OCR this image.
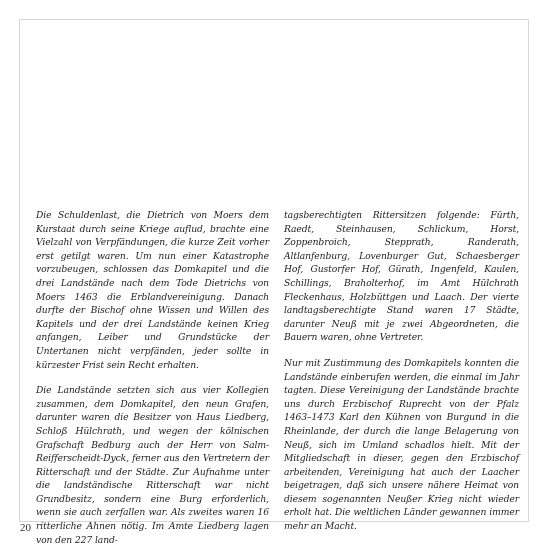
Die Schuldenlast, die Dietrich von Moers dem Kurstaat durch seine Kriege auflud, brachte eine Vielzahl von Verpfändungen, die kurze Zeit vorher erst getilgt waren. Um nun einer Katastrophe vorzubeugen, schlossen das Domkapitel und die drei Landstände nach dem Tode Dietrichs von Moers 1463 die Erblandvereinigung. Danach durfte der Bischof ohne Wissen und Willen des Kapitels und der drei Landstände keinen Krieg anfangen, Leiber und Grundstücke der Untertanen nicht verpfänden, jeder sollte in kürzester Frist sein Recht erhalten.

Die Landstände setzten sich aus vier Kollegien zusammen, dem Domkapitel, den neun Grafen, darunter waren die Besitzer von Haus Liedberg, Schloß Hülchrath, und wegen der kölnischen Grafschaft Bedburg auch der Herr von Salm-Reifferscheidt-Dyck, ferner aus den Vertretern der Ritterschaft und der Städte. Zur Aufnahme unter die landständische Ritterschaft war nicht Grundbesitz, sondern eine Burg erforderlich, wenn sie auch zerfallen war. Als zweites waren 16 ritterliche Ahnen nötig. Im Amte Liedberg lagen von den 227 land-

tagsberechtigten Rittersitzen folgende: Fürth, Raedt, Steinhausen, Schlickum, Horst, Zoppenbroich, Stepprath, Randerath, Altlanfenburg, Lovenburger Gut, Schaesberger Hof, Gustorfer Hof, Gürath, Ingenfeld, Kaulen, Schillings, Braholterhof, im Amt Hülchrath Fleckenhaus, Holzbüttgen und Laach. Der vierte landtagsberechtigte Stand waren 17 Städte, darunter Neuß mit je zwei Abgeordneten, die Bauern waren, ohne Vertreter.

Nur mit Zustimmung des Domkapitels konnten die Landstände einberufen werden, die einmal im Jahr tagten. Diese Vereinigung der Landstände brachte uns durch Erzbischof Ruprecht von der Pfalz 1463–1473 Karl den Kühnen von Burgund in die Rheinlande, der durch die lange Belagerung von Neuß, sich im Umland schadlos hielt. Mit der Mitgliedschaft in dieser, gegen den Erzbischof arbeitenden, Vereinigung hat auch der Laacher beigetragen, daß sich unsere nähere Heimat von diesem sogenannten Neußer Krieg nicht wieder erholt hat. Die weltlichen Länder gewannen immer mehr an Macht.

20
